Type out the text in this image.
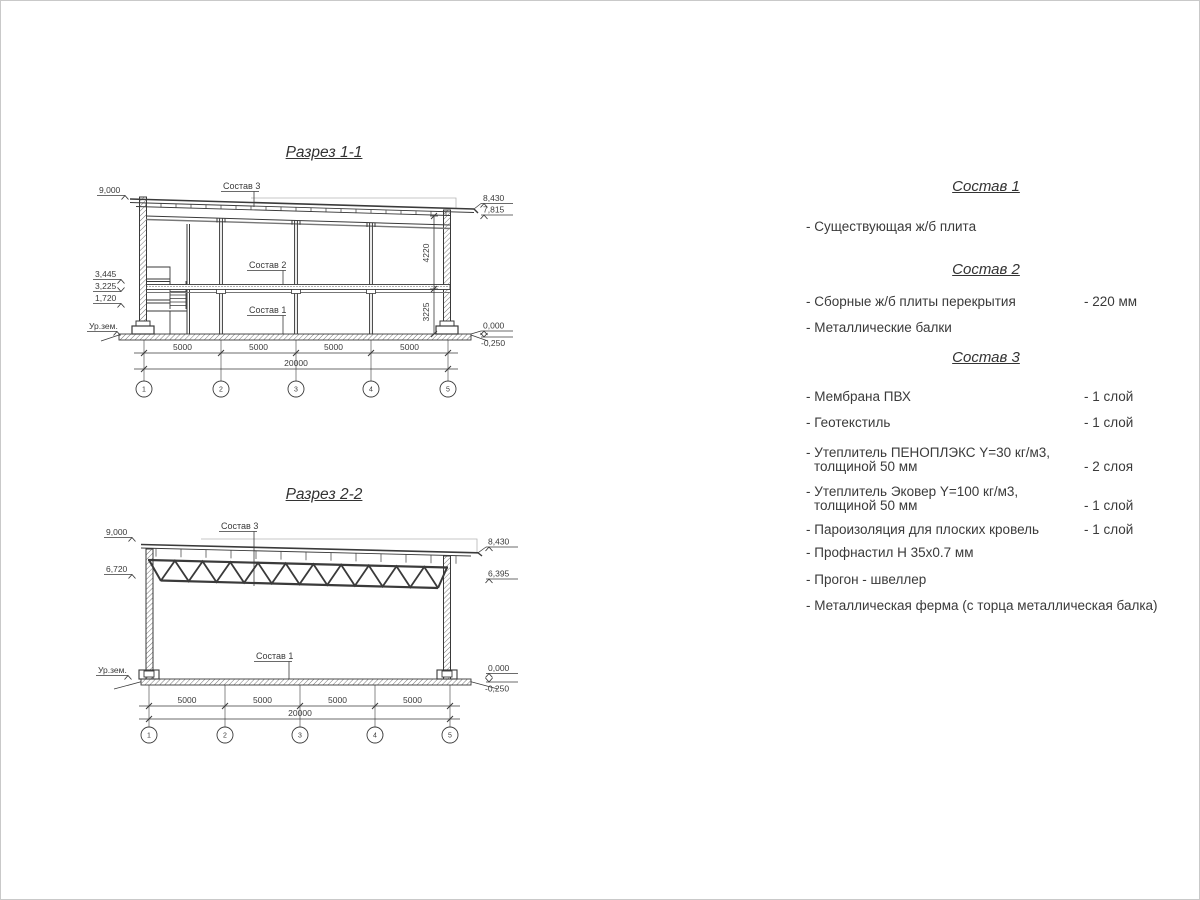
Разрез 1-1
Состав 3
Состав 2
Состав 1
9,000
3,445
3,225
1,720
Ур.зем.
8,430
7,815
0,000
-0,250
4220
3225
5000	5000	5000	5000
20000
1	2	3	4	5
Разрез 2-2
Состав 3
Состав 1
9,000
6,720
Ур.зем.
8,430
6,395
0,000
-0,250
5000	5000	5000	5000
20000
1	2	3	4	5
Состав 1
- Существующая ж/б плита
Состав 2
- Сборные ж/б плиты перекрытия	- 220 мм
- Металлические балки
Состав 3
- Мембрана ПВХ	- 1 слой
- Геотекстиль	- 1 слой
- Утеплитель ПЕНОПЛЭКС Y=30 кг/м3,
толщиной 50 мм	- 2 слоя
- Утеплитель Эковер Y=100 кг/м3,
толщиной 50 мм	- 1 слой
- Пароизоляция для плоских кровель	- 1 слой
- Профнастил Н 35x0.7 мм
- Прогон - швеллер
- Металлическая ферма (с торца металлическая балка)
